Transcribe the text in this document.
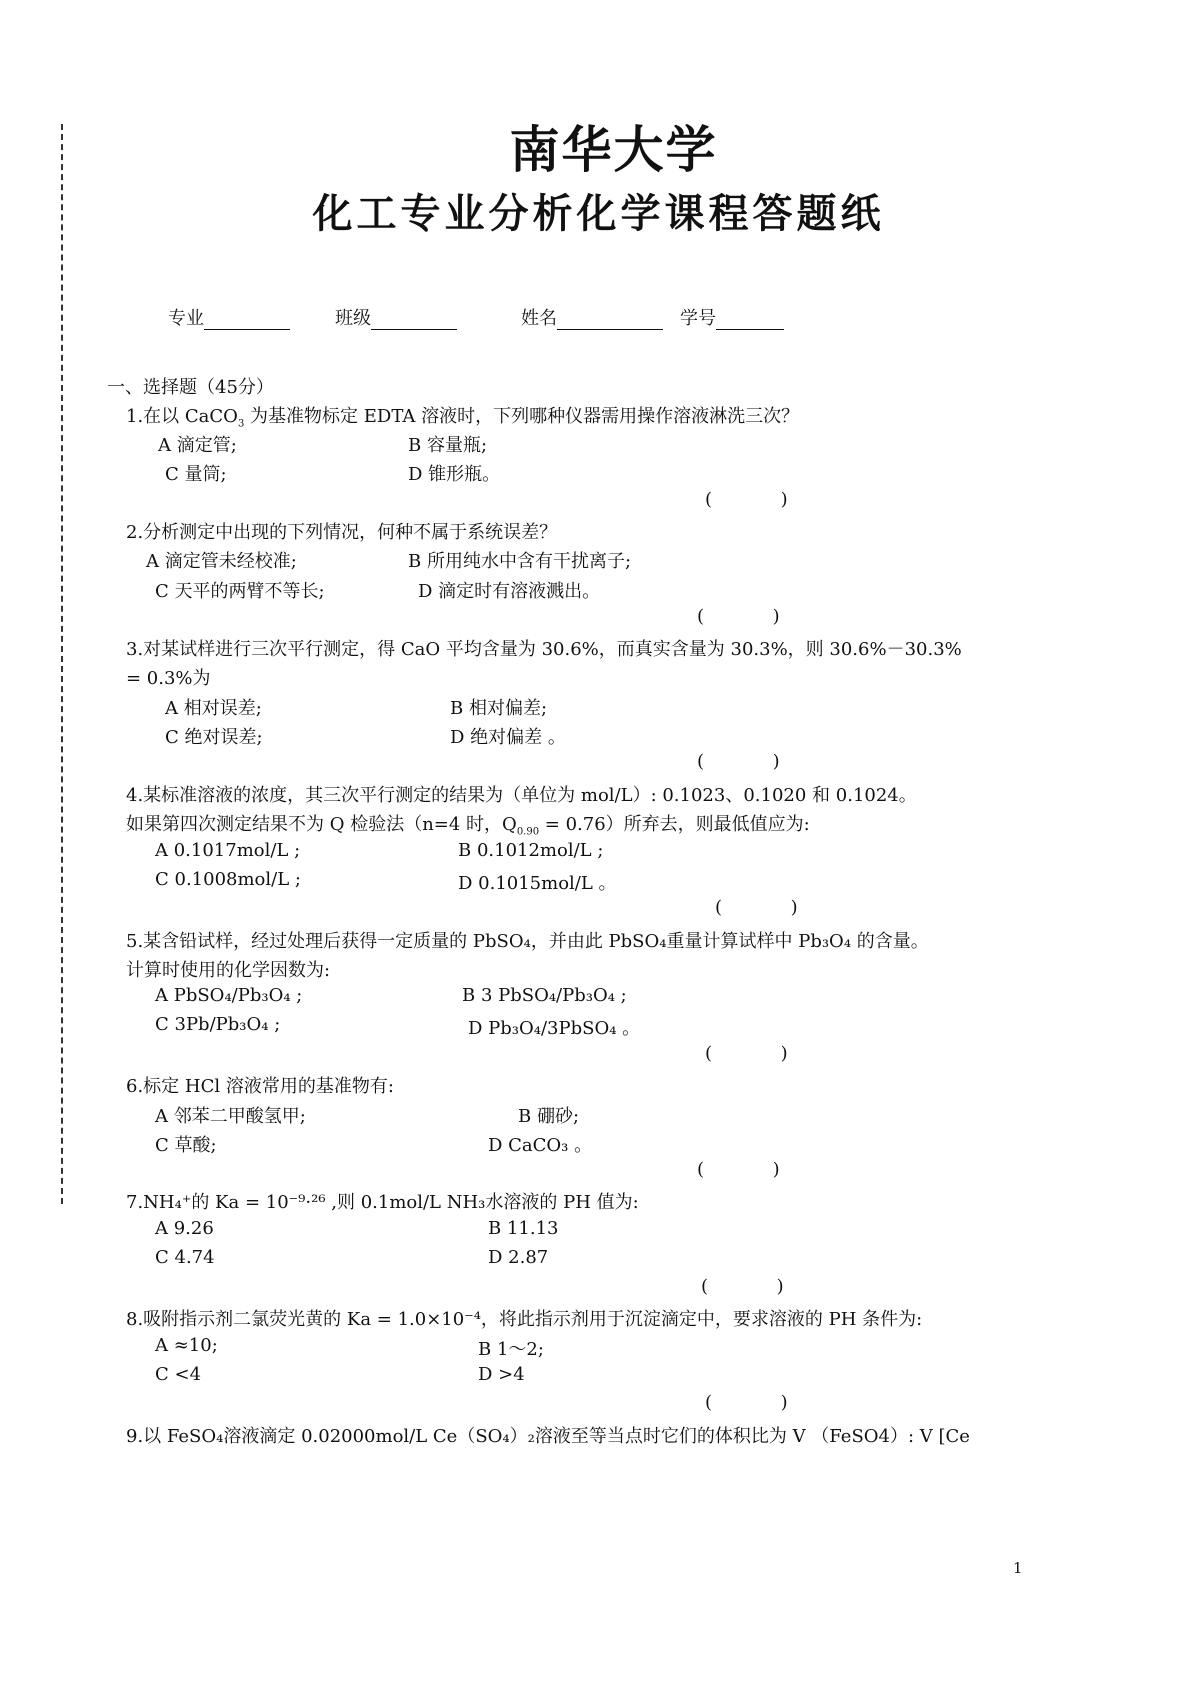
南华大学
化工专业分析化学课程答题纸
专业	班级	姓名	学号
一、选择题（45分）
1.在以 CaCO$_3$ 为基准物标定 EDTA 溶液时，下列哪种仪器需用操作溶液淋洗三次？
A 滴定管;	B 容量瓶;
C 量筒;	D 锥形瓶。
(            )
2.分析测定中出现的下列情况，何种不属于系统误差？
A 滴定管未经校准;	B 所用纯水中含有干扰离子;
C 天平的两臂不等长;	D 滴定时有溶液溅出。
(            )
3.对某试样进行三次平行测定，得 CaO 平均含量为 30.6%，而真实含量为 30.3%，则 30.6%－30.3%
= 0.3%为
A 相对误差;	B 相对偏差;
C 绝对误差;	D 绝对偏差 。
(            )
4.某标准溶液的浓度，其三次平行测定的结果为（单位为 mol/L）: 0.1023、0.1020 和 0.1024。
如果第四次测定结果不为 Q 检验法（n=4 时，$Q_{0.90} = 0.76$）所弃去，则最低值应为:
A 0.1017mol/L ;	B 0.1012mol/L ;
C 0.1008mol/L ;	D 0.1015mol/L 。
(            )
5.某含铅试样，经过处理后获得一定质量的 PbSO₄，并由此 PbSO₄重量计算试样中 Pb₃O₄ 的含量。
计算时使用的化学因数为:
A PbSO₄/Pb₃O₄ ;	B 3 PbSO₄/Pb₃O₄ ;
C 3Pb/Pb₃O₄ ;	D Pb₃O₄/3PbSO₄ 。
(            )
6.标定 HCl 溶液常用的基准物有:
A 邻苯二甲酸氢甲;	B 硼砂;
C 草酸;	D CaCO₃ 。
(            )
7.NH₄⁺的 Ka = 10⁻⁹·²⁶ ,则 0.1mol/L NH₃水溶液的 PH 值为:
A 9.26	B 11.13
C 4.74	D 2.87
(            )
8.吸附指示剂二氯荧光黄的 Ka = 1.0×10⁻⁴，将此指示剂用于沉淀滴定中，要求溶液的 PH 条件为:
A ≈10;	B 1～2;
C <4	D >4
(            )
9.以 FeSO₄溶液滴定 0.02000mol/L Ce（SO₄）₂溶液至等当点时它们的体积比为 V （FeSO4）: V [Ce
1
